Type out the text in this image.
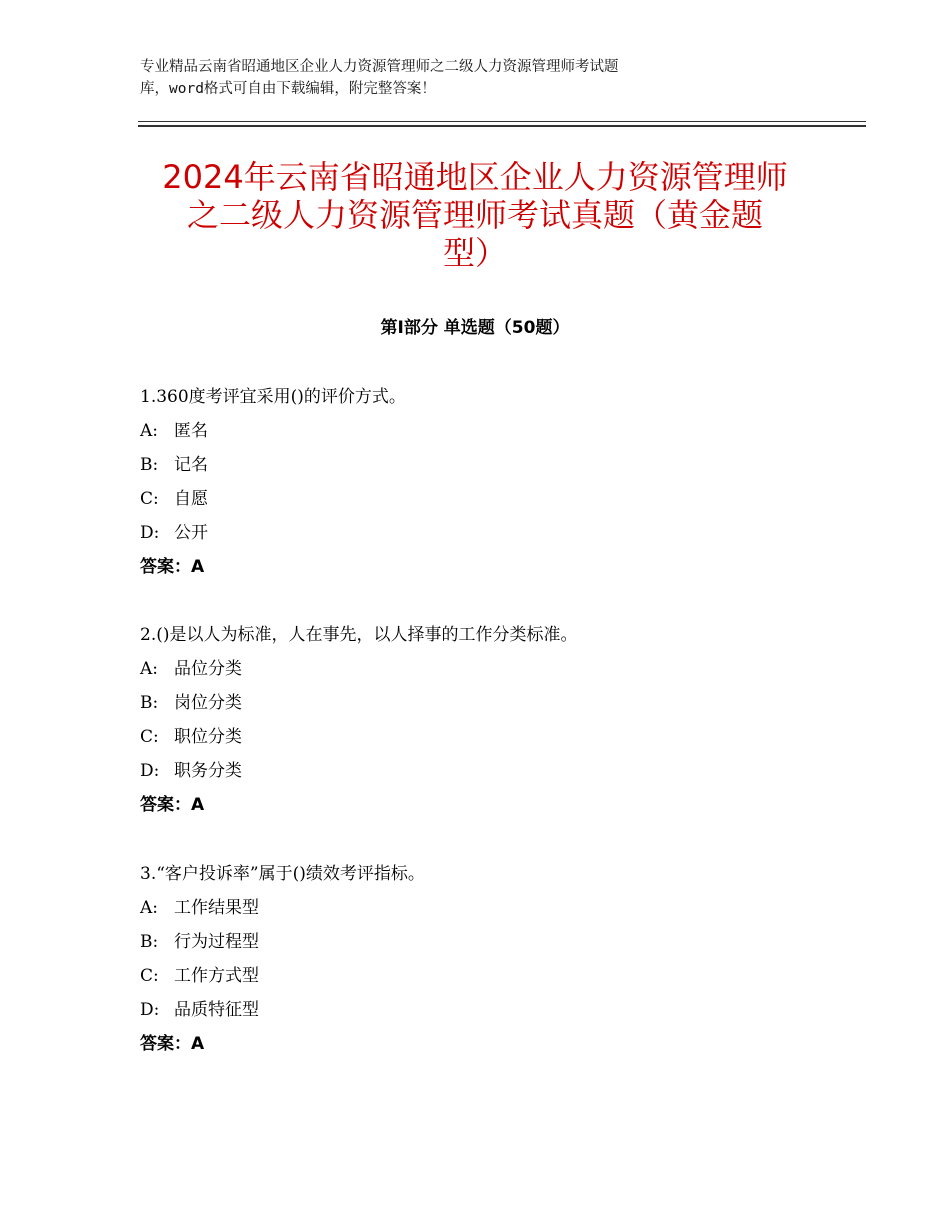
专业精品云南省昭通地区企业人力资源管理师之二级人力资源管理师考试题
库，word格式可自由下载编辑，附完整答案！
2024年云南省昭通地区企业人力资源管理师
之二级人力资源管理师考试真题（黄金题
型）
第Ⅰ部分 单选题（50题）
1.360度考评宜采用()的评价方式。
A: 匿名
B: 记名
C: 自愿
D: 公开
答案：A
2.()是以人为标准，人在事先，以人择事的工作分类标准。
A: 品位分类
B: 岗位分类
C: 职位分类
D: 职务分类
答案：A
3.“客户投诉率”属于()绩效考评指标。
A: 工作结果型
B: 行为过程型
C: 工作方式型
D: 品质特征型
答案：A
